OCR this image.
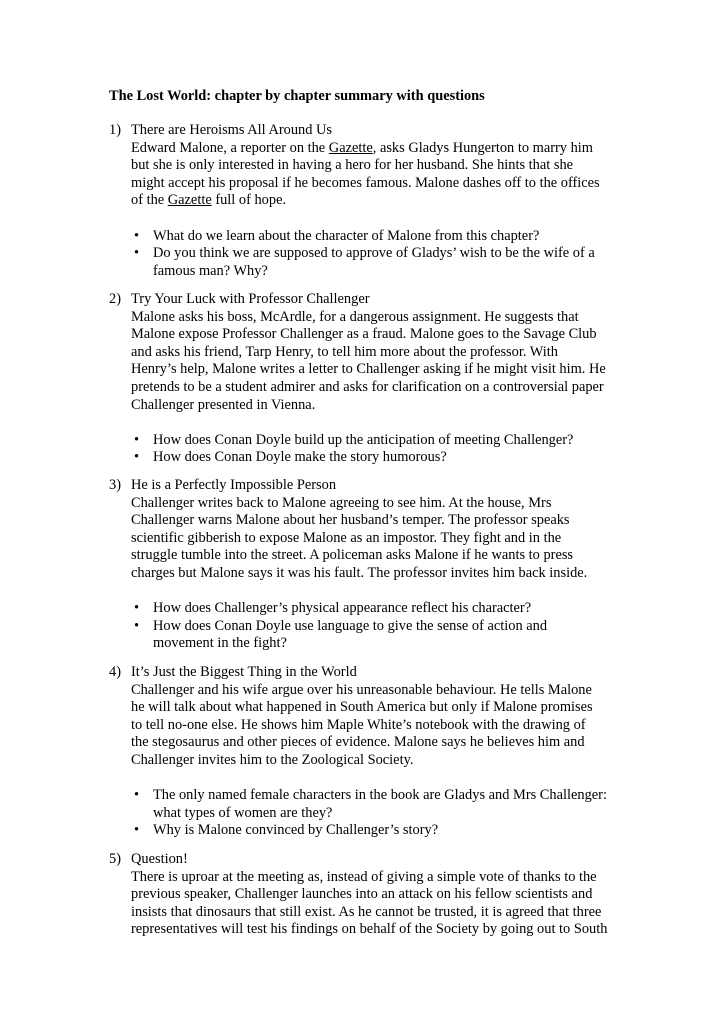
The Lost World: chapter by chapter summary with questions
1) There are Heroisms All Around Us
Edward Malone, a reporter on the Gazette, asks Gladys Hungerton to marry him
but she is only interested in having a hero for her husband. She hints that she
might accept his proposal if he becomes famous. Malone dashes off to the offices
of the Gazette full of hope.
• What do we learn about the character of Malone from this chapter?
• Do you think we are supposed to approve of Gladys’ wish to be the wife of a
famous man? Why?
2) Try Your Luck with Professor Challenger
Malone asks his boss, McArdle, for a dangerous assignment. He suggests that
Malone expose Professor Challenger as a fraud. Malone goes to the Savage Club
and asks his friend, Tarp Henry, to tell him more about the professor. With
Henry’s help, Malone writes a letter to Challenger asking if he might visit him. He
pretends to be a student admirer and asks for clarification on a controversial paper
Challenger presented in Vienna.
• How does Conan Doyle build up the anticipation of meeting Challenger?
• How does Conan Doyle make the story humorous?
3) He is a Perfectly Impossible Person
Challenger writes back to Malone agreeing to see him. At the house, Mrs
Challenger warns Malone about her husband’s temper. The professor speaks
scientific gibberish to expose Malone as an impostor. They fight and in the
struggle tumble into the street. A policeman asks Malone if he wants to press
charges but Malone says it was his fault. The professor invites him back inside.
• How does Challenger’s physical appearance reflect his character?
• How does Conan Doyle use language to give the sense of action and
movement in the fight?
4) It’s Just the Biggest Thing in the World
Challenger and his wife argue over his unreasonable behaviour. He tells Malone
he will talk about what happened in South America but only if Malone promises
to tell no-one else. He shows him Maple White’s notebook with the drawing of
the stegosaurus and other pieces of evidence. Malone says he believes him and
Challenger invites him to the Zoological Society.
• The only named female characters in the book are Gladys and Mrs Challenger:
what types of women are they?
• Why is Malone convinced by Challenger’s story?
5) Question!
There is uproar at the meeting as, instead of giving a simple vote of thanks to the
previous speaker, Challenger launches into an attack on his fellow scientists and
insists that dinosaurs that still exist. As he cannot be trusted, it is agreed that three
representatives will test his findings on behalf of the Society by going out to South
